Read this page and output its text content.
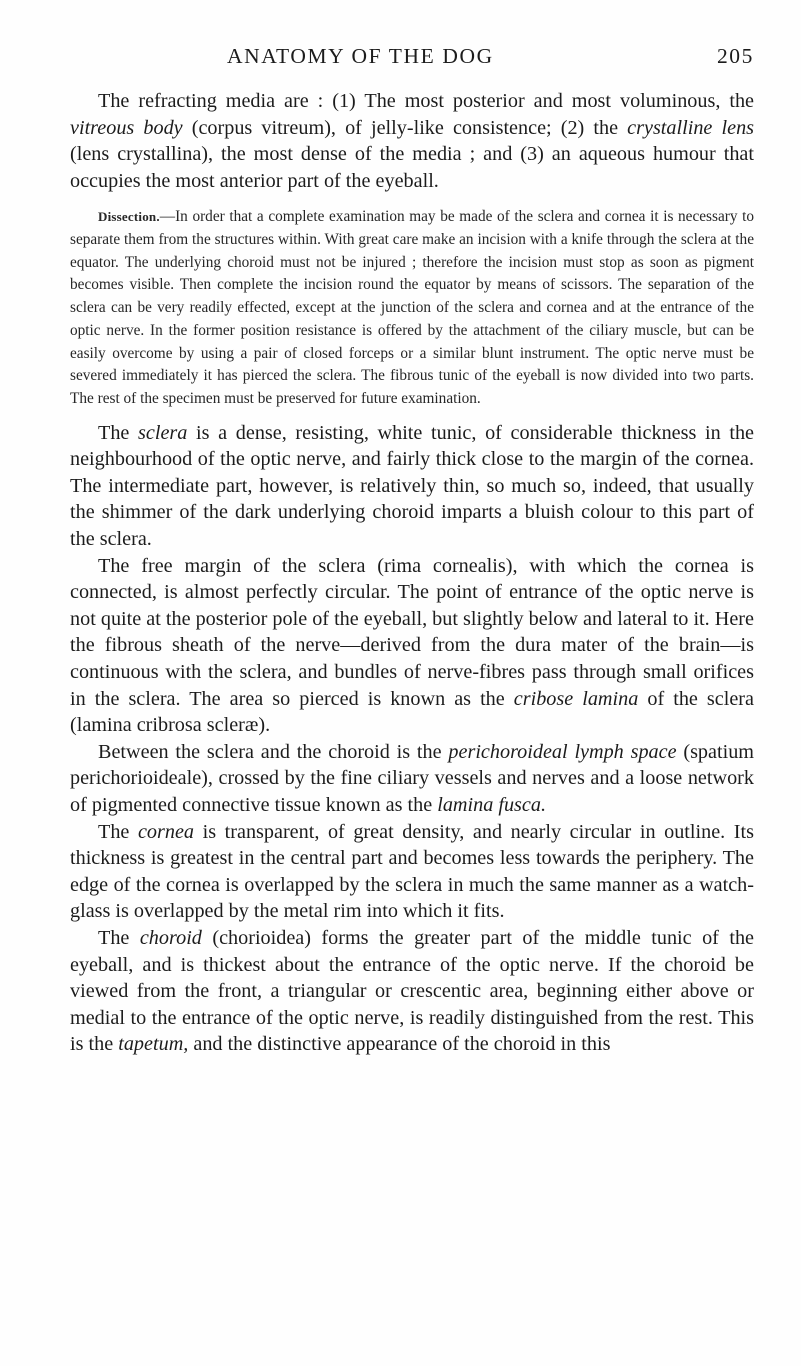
ANATOMY OF THE DOG	205

The refracting media are : (1) The most posterior and most voluminous, the vitreous body (corpus vitreum), of jelly-like consistence; (2) the crystalline lens (lens crystallina), the most dense of the media ; and (3) an aqueous humour that occupies the most anterior part of the eyeball.

Dissection.—In order that a complete examination may be made of the sclera and cornea it is necessary to separate them from the structures within. With great care make an incision with a knife through the sclera at the equator. The underlying choroid must not be injured ; therefore the incision must stop as soon as pigment becomes visible. Then complete the incision round the equator by means of scissors. The separation of the sclera can be very readily effected, except at the junction of the sclera and cornea and at the entrance of the optic nerve. In the former position resistance is offered by the attachment of the ciliary muscle, but can be easily overcome by using a pair of closed forceps or a similar blunt instrument. The optic nerve must be severed immediately it has pierced the sclera. The fibrous tunic of the eyeball is now divided into two parts. The rest of the specimen must be preserved for future examination.

The sclera is a dense, resisting, white tunic, of considerable thickness in the neighbourhood of the optic nerve, and fairly thick close to the margin of the cornea. The intermediate part, however, is relatively thin, so much so, indeed, that usually the shimmer of the dark underlying choroid imparts a bluish colour to this part of the sclera.

The free margin of the sclera (rima cornealis), with which the cornea is connected, is almost perfectly circular. The point of entrance of the optic nerve is not quite at the posterior pole of the eyeball, but slightly below and lateral to it. Here the fibrous sheath of the nerve—derived from the dura mater of the brain—is continuous with the sclera, and bundles of nerve-fibres pass through small orifices in the sclera. The area so pierced is known as the cribose lamina of the sclera (lamina cribrosa scleræ).

Between the sclera and the choroid is the perichoroideal lymph space (spatium perichorioideale), crossed by the fine ciliary vessels and nerves and a loose network of pigmented connective tissue known as the lamina fusca.

The cornea is transparent, of great density, and nearly circular in outline. Its thickness is greatest in the central part and becomes less towards the periphery. The edge of the cornea is overlapped by the sclera in much the same manner as a watch-glass is overlapped by the metal rim into which it fits.

The choroid (chorioidea) forms the greater part of the middle tunic of the eyeball, and is thickest about the entrance of the optic nerve. If the choroid be viewed from the front, a triangular or crescentic area, beginning either above or medial to the entrance of the optic nerve, is readily distinguished from the rest. This is the tapetum, and the distinctive appearance of the choroid in this
